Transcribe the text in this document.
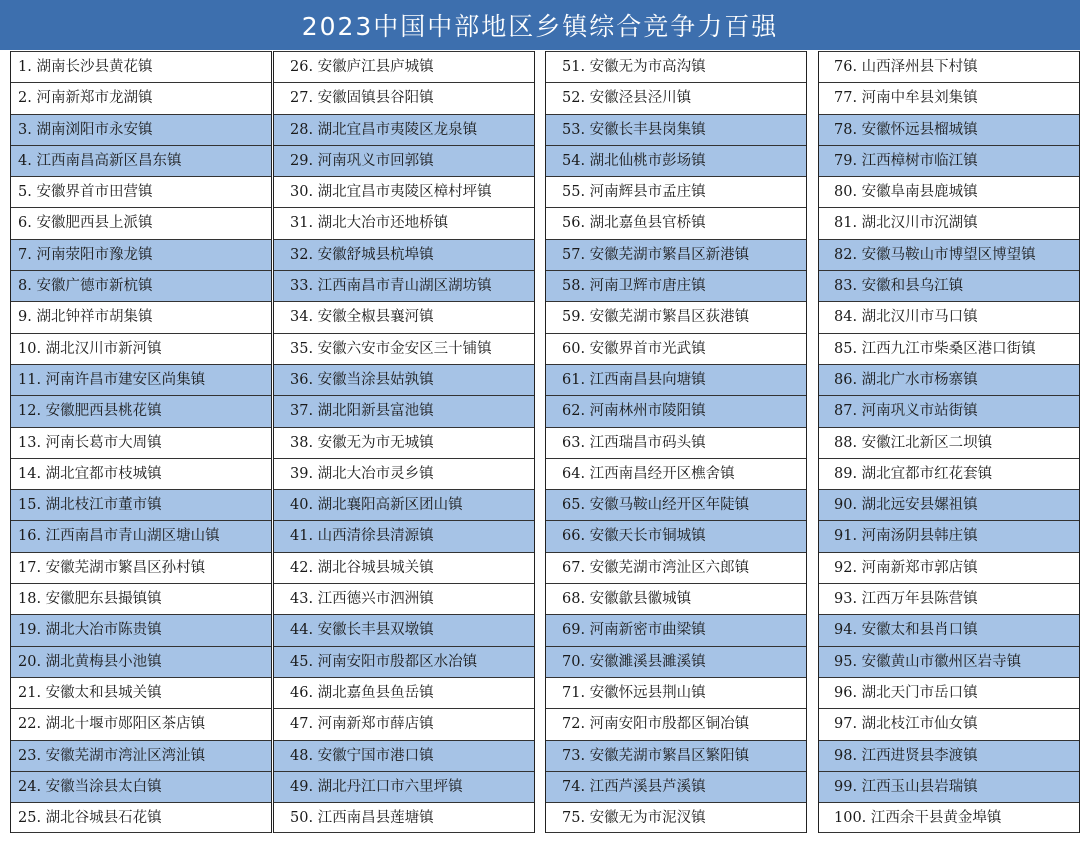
2023中国中部地区乡镇综合竞争力百强
1. 湖南长沙县黄花镇
2. 河南新郑市龙湖镇
3. 湖南浏阳市永安镇
4. 江西南昌高新区昌东镇
5. 安徽界首市田营镇
6. 安徽肥西县上派镇
7. 河南荥阳市豫龙镇
8. 安徽广德市新杭镇
9. 湖北钟祥市胡集镇
10. 湖北汉川市新河镇
11. 河南许昌市建安区尚集镇
12. 安徽肥西县桃花镇
13. 河南长葛市大周镇
14. 湖北宜都市枝城镇
15. 湖北枝江市董市镇
16. 江西南昌市青山湖区塘山镇
17. 安徽芜湖市繁昌区孙村镇
18. 安徽肥东县撮镇镇
19. 湖北大冶市陈贵镇
20. 湖北黄梅县小池镇
21. 安徽太和县城关镇
22. 湖北十堰市郧阳区茶店镇
23. 安徽芜湖市湾沚区湾沚镇
24. 安徽当涂县太白镇
25. 湖北谷城县石花镇
26. 安徽庐江县庐城镇
27. 安徽固镇县谷阳镇
28. 湖北宜昌市夷陵区龙泉镇
29. 河南巩义市回郭镇
30. 湖北宜昌市夷陵区樟村坪镇
31. 湖北大冶市还地桥镇
32. 安徽舒城县杭埠镇
33. 江西南昌市青山湖区湖坊镇
34. 安徽全椒县襄河镇
35. 安徽六安市金安区三十铺镇
36. 安徽当涂县姑孰镇
37. 湖北阳新县富池镇
38. 安徽无为市无城镇
39. 湖北大冶市灵乡镇
40. 湖北襄阳高新区团山镇
41. 山西清徐县清源镇
42. 湖北谷城县城关镇
43. 江西德兴市泗洲镇
44. 安徽长丰县双墩镇
45. 河南安阳市殷都区水冶镇
46. 湖北嘉鱼县鱼岳镇
47. 河南新郑市薛店镇
48. 安徽宁国市港口镇
49. 湖北丹江口市六里坪镇
50. 江西南昌县莲塘镇
51. 安徽无为市高沟镇
52. 安徽泾县泾川镇
53. 安徽长丰县岗集镇
54. 湖北仙桃市彭场镇
55. 河南辉县市孟庄镇
56. 湖北嘉鱼县官桥镇
57. 安徽芜湖市繁昌区新港镇
58. 河南卫辉市唐庄镇
59. 安徽芜湖市繁昌区荻港镇
60. 安徽界首市光武镇
61. 江西南昌县向塘镇
62. 河南林州市陵阳镇
63. 江西瑞昌市码头镇
64. 江西南昌经开区樵舍镇
65. 安徽马鞍山经开区年陡镇
66. 安徽天长市铜城镇
67. 安徽芜湖市湾沚区六郎镇
68. 安徽歙县徽城镇
69. 河南新密市曲梁镇
70. 安徽濉溪县濉溪镇
71. 安徽怀远县荆山镇
72. 河南安阳市殷都区铜冶镇
73. 安徽芜湖市繁昌区繁阳镇
74. 江西芦溪县芦溪镇
75. 安徽无为市泥汊镇
76. 山西泽州县下村镇
77. 河南中牟县刘集镇
78. 安徽怀远县榴城镇
79. 江西樟树市临江镇
80. 安徽阜南县鹿城镇
81. 湖北汉川市沉湖镇
82. 安徽马鞍山市博望区博望镇
83. 安徽和县乌江镇
84. 湖北汉川市马口镇
85. 江西九江市柴桑区港口街镇
86. 湖北广水市杨寨镇
87. 河南巩义市站街镇
88. 安徽江北新区二坝镇
89. 湖北宜都市红花套镇
90. 湖北远安县嫘祖镇
91. 河南汤阴县韩庄镇
92. 河南新郑市郭店镇
93. 江西万年县陈营镇
94. 安徽太和县肖口镇
95. 安徽黄山市徽州区岩寺镇
96. 湖北天门市岳口镇
97. 湖北枝江市仙女镇
98. 江西进贤县李渡镇
99. 江西玉山县岩瑞镇
100. 江西余干县黄金埠镇
